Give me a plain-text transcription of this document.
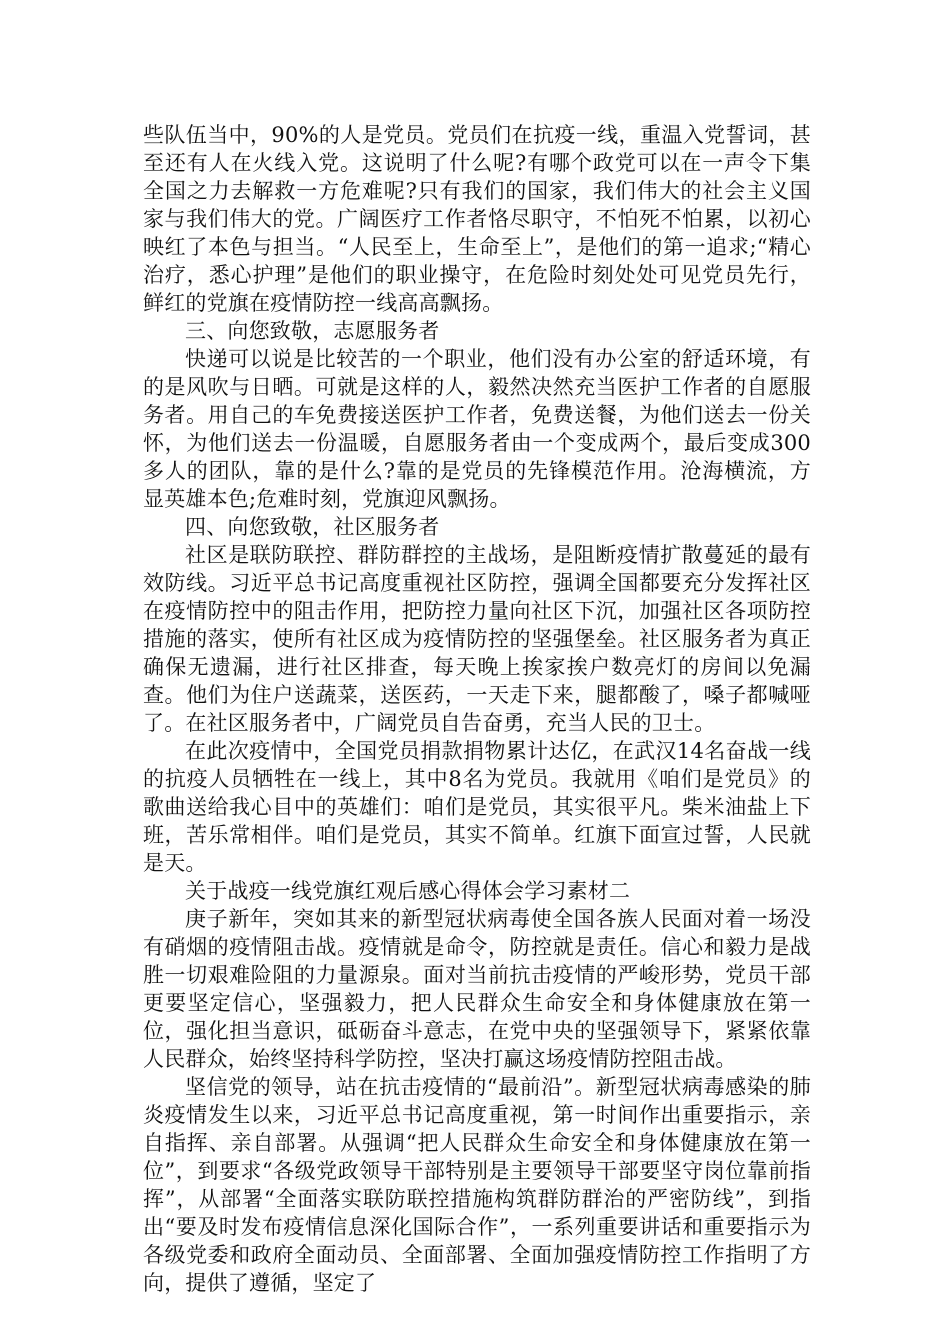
些队伍当中，90%的人是党员。党员们在抗疫一线，重温入党誓词，甚至还有人在火线入党。这说明了什么呢?有哪个政党可以在一声令下集全国之力去解救一方危难呢?只有我们的国家，我们伟大的社会主义国家与我们伟大的党。广阔医疗工作者恪尽职守，不怕死不怕累，以初心映红了本色与担当。“人民至上，生命至上”，是他们的第一追求;“精心治疗，悉心护理”是他们的职业操守，在危险时刻处处可见党员先行，鲜红的党旗在疫情防控一线高高飘扬。

三、向您致敬，志愿服务者

快递可以说是比较苦的一个职业，他们没有办公室的舒适环境，有的是风吹与日晒。可就是这样的人，毅然决然充当医护工作者的自愿服务者。用自己的车免费接送医护工作者，免费送餐，为他们送去一份关怀，为他们送去一份温暖，自愿服务者由一个变成两个，最后变成300多人的团队，靠的是什么?靠的是党员的先锋模范作用。沧海横流，方显英雄本色;危难时刻，党旗迎风飘扬。

四、向您致敬，社区服务者

社区是联防联控、群防群控的主战场，是阻断疫情扩散蔓延的最有效防线。习近平总书记高度重视社区防控，强调全国都要充分发挥社区在疫情防控中的阻击作用，把防控力量向社区下沉，加强社区各项防控措施的落实，使所有社区成为疫情防控的坚强堡垒。社区服务者为真正确保无遗漏，进行社区排查，每天晚上挨家挨户数亮灯的房间以免漏查。他们为住户送蔬菜，送医药，一天走下来，腿都酸了，嗓子都喊哑了。在社区服务者中，广阔党员自告奋勇，充当人民的卫士。

在此次疫情中，全国党员捐款捐物累计达亿，在武汉14名奋战一线的抗疫人员牺牲在一线上，其中8名为党员。我就用《咱们是党员》的歌曲送给我心目中的英雄们：咱们是党员，其实很平凡。柴米油盐上下班，苦乐常相伴。咱们是党员，其实不简单。红旗下面宣过誓，人民就是天。

关于战疫一线党旗红观后感心得体会学习素材二

庚子新年，突如其来的新型冠状病毒使全国各族人民面对着一场没有硝烟的疫情阻击战。疫情就是命令，防控就是责任。信心和毅力是战胜一切艰难险阻的力量源泉。面对当前抗击疫情的严峻形势，党员干部更要坚定信心，坚强毅力，把人民群众生命安全和身体健康放在第一位，强化担当意识，砥砺奋斗意志，在党中央的坚强领导下，紧紧依靠人民群众，始终坚持科学防控，坚决打赢这场疫情防控阻击战。

坚信党的领导，站在抗击疫情的“最前沿”。新型冠状病毒感染的肺炎疫情发生以来，习近平总书记高度重视，第一时间作出重要指示，亲自指挥、亲自部署。从强调“把人民群众生命安全和身体健康放在第一位”，到要求“各级党政领导干部特别是主要领导干部要坚守岗位靠前指挥”，从部署“全面落实联防联控措施构筑群防群治的严密防线”，到指出“要及时发布疫情信息深化国际合作”，一系列重要讲话和重要指示为各级党委和政府全面动员、全面部署、全面加强疫情防控工作指明了方向，提供了遵循，坚定了
